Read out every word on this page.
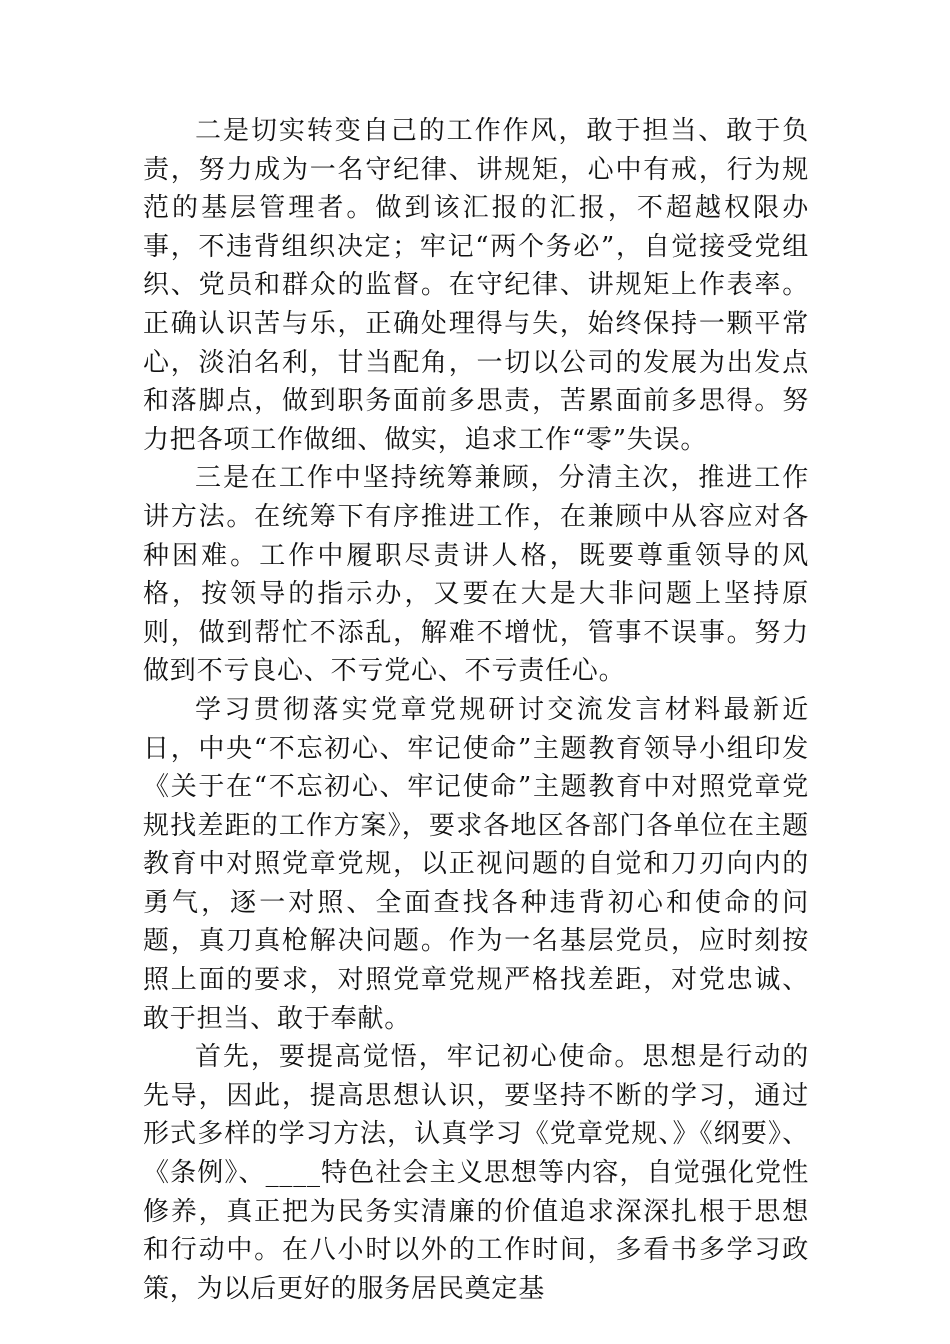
二是切实转变自己的工作作风，敢于担当、敢于负责，努力成为一名守纪律、讲规矩，心中有戒，行为规范的基层管理者。做到该汇报的汇报，不超越权限办事，不违背组织决定；牢记“两个务必”，自觉接受党组织、党员和群众的监督。在守纪律、讲规矩上作表率。正确认识苦与乐，正确处理得与失，始终保持一颗平常心，淡泊名利，甘当配角，一切以公司的发展为出发点和落脚点，做到职务面前多思责，苦累面前多思得。努力把各项工作做细、做实，追求工作“零”失误。

三是在工作中坚持统筹兼顾，分清主次，推进工作讲方法。在统筹下有序推进工作，在兼顾中从容应对各种困难。工作中履职尽责讲人格，既要尊重领导的风格，按领导的指示办，又要在大是大非问题上坚持原则，做到帮忙不添乱，解难不增忧，管事不误事。努力做到不亏良心、不亏党心、不亏责任心。

学习贯彻落实党章党规研讨交流发言材料最新近日，中央“不忘初心、牢记使命”主题教育领导小组印发《关于在“不忘初心、牢记使命”主题教育中对照党章党规找差距的工作方案》，要求各地区各部门各单位在主题教育中对照党章党规，以正视问题的自觉和刀刃向内的勇气，逐一对照、全面查找各种违背初心和使命的问题，真刀真枪解决问题。作为一名基层党员，应时刻按照上面的要求，对照党章党规严格找差距，对党忠诚、敢于担当、敢于奉献。

首先，要提高觉悟，牢记初心使命。思想是行动的先导，因此，提高思想认识，要坚持不断的学习，通过形式多样的学习方法，认真学习《党章党规、》《纲要》、《条例》、____特色社会主义思想等内容，自觉强化党性修养，真正把为民务实清廉的价值追求深深扎根于思想和行动中。在八小时以外的工作时间，多看书多学习政策，为以后更好的服务居民奠定基
